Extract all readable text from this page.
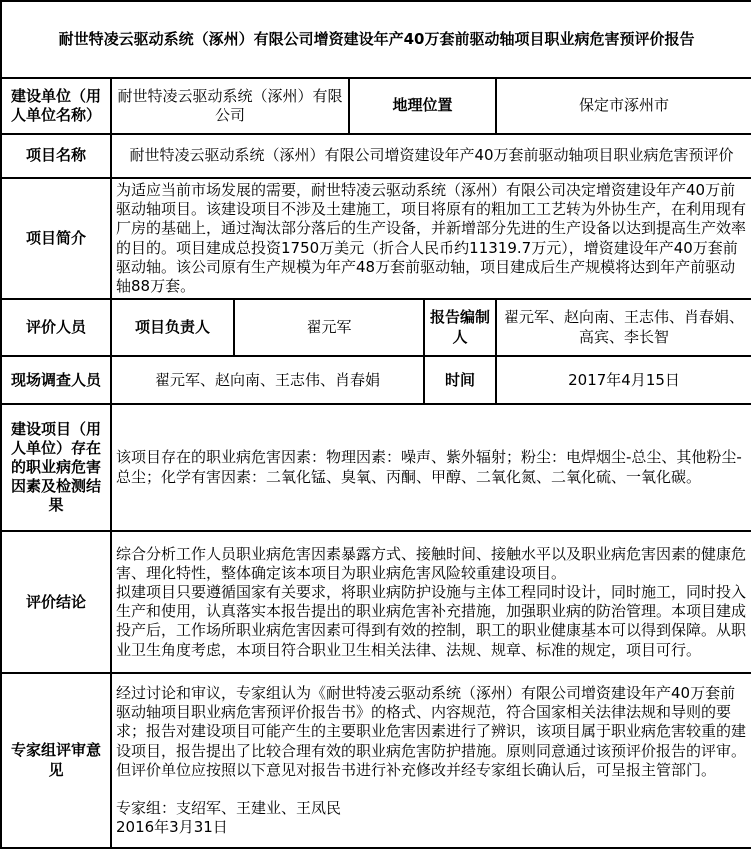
耐世特凌云驱动系统（涿州）有限公司增资建设年产40万套前驱动轴项目职业病危害预评价报告					
建设单位（用人单位名称）	耐世特凌云驱动系统（涿州）有限公司		地理位置		保定市涿州市
项目名称	耐世特凌云驱动系统（涿州）有限公司增资建设年产40万套前驱动轴项目职业病危害预评价				
项目简介	为适应当前市场发展的需要，耐世特凌云驱动系统（涿州）有限公司决定增资建设年产40万前驱动轴项目。该建设项目不涉及土建施工，项目将原有的粗加工工艺转为外协生产，在利用现有厂房的基础上，通过淘汰部分落后的生产设备，并新增部分先进的生产设备以达到提高生产效率的目的。项目建成总投资1750万美元（折合人民币约11319.7万元），增资建设年产40万套前驱动轴。该公司原有生产规模为年产48万套前驱动轴，项目建成后生产规模将达到年产前驱动轴88万套。				
评价人员	项目负责人	翟元军		报告编制人	翟元军、赵向南、王志伟、肖春娟、高宾、李长智
现场调查人员	翟元军、赵向南、王志伟、肖春娟			时间	2017年4月15日
建设项目（用人单位）存在的职业病危害因素及检测结果	该项目存在的职业病危害因素：物理因素：噪声、紫外辐射；粉尘：电焊烟尘-总尘、其他粉尘-总尘；化学有害因素：二氧化锰、臭氧、丙酮、甲醇、二氧化氮、二氧化硫、一氧化碳。				
评价结论	综合分析工作人员职业病危害因素暴露方式、接触时间、接触水平以及职业病危害因素的健康危害、理化特性，整体确定该本项目为职业病危害风险较重建设项目。
拟建项目只要遵循国家有关要求，将职业病防护设施与主体工程同时设计，同时施工，同时投入生产和使用，认真落实本报告提出的职业病危害补充措施，加强职业病的防治管理。本项目建成投产后，工作场所职业病危害因素可得到有效的控制，职工的职业健康基本可以得到保障。从职业卫生角度考虑，本项目符合职业卫生相关法律、法规、规章、标准的规定，项目可行。				

专家组评审意见	经过讨论和审议，专家组认为《耐世特凌云驱动系统（涿州）有限公司增资建设年产40万套前驱动轴项目职业病危害预评价报告书》的格式、内容规范，符合国家相关法律法规和导则的要求；报告对建设项目可能产生的主要职业危害因素进行了辨识，该项目属于职业病危害较重的建设项目，报告提出了比较合理有效的职业病危害防护措施。原则同意通过该预评价报告的评审。但评价单位应按照以下意见对报告书进行补充修改并经专家组长确认后，可呈报主管部门。
专家组：支绍军、王建业、王凤民
2016年3月31日				
